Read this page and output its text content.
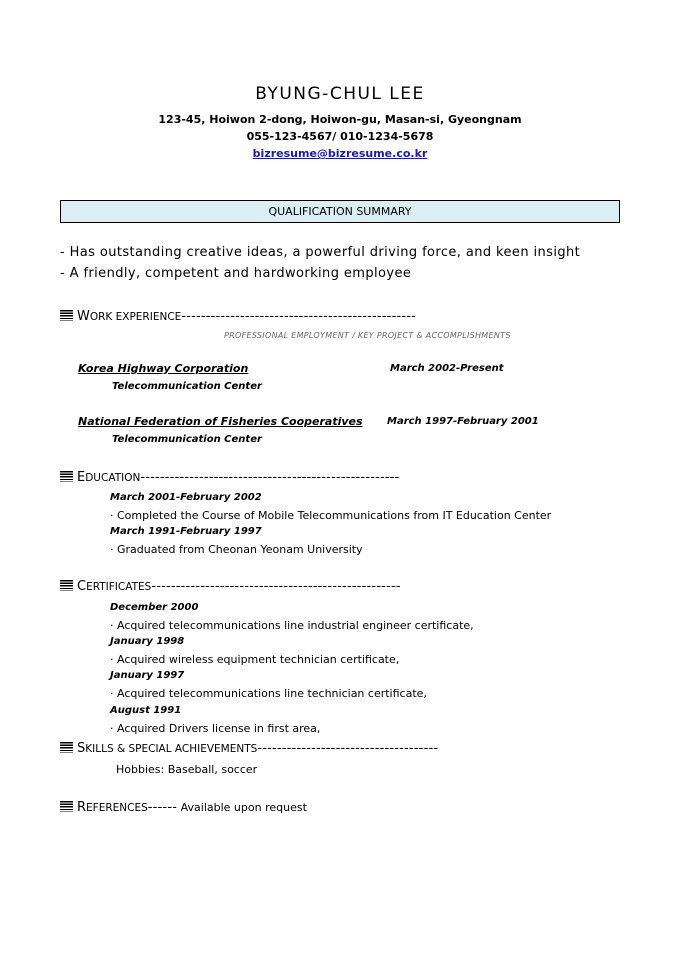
BYUNG-CHUL LEE
123-45, Hoiwon 2-dong, Hoiwon-gu, Masan-si, Gyeongnam
055-123-4567/ 010-1234-5678
bizresume@bizresume.co.kr
QUALIFICATION SUMMARY
- Has outstanding creative ideas, a powerful driving force, and keen insight
- A friendly, competent and hardworking employee
WORK EXPERIENCE------------------------------------------------
PROFESSIONAL EMPLOYMENT / KEY PROJECT & ACCOMPLISHMENTS
Korea Highway Corporation	March 2002-Present
Telecommunication Center
National Federation of Fisheries Cooperatives March 1997-February 2001
Telecommunication Center
EDUCATION-----------------------------------------------------
March 2001-February 2002
· Completed the Course of Mobile Telecommunications from IT Education Center
March 1991-February 1997
· Graduated from Cheonan Yeonam University
CERTIFICATES---------------------------------------------------
December 2000
· Acquired telecommunications line industrial engineer certificate,
January 1998
· Acquired wireless equipment technician certificate,
January 1997
· Acquired telecommunications line technician certificate,
August 1991
· Acquired Drivers license in first area,
SKILLS & SPECIAL ACHIEVEMENTS-------------------------------------
Hobbies: Baseball, soccer
REFERENCES------ Available upon request
